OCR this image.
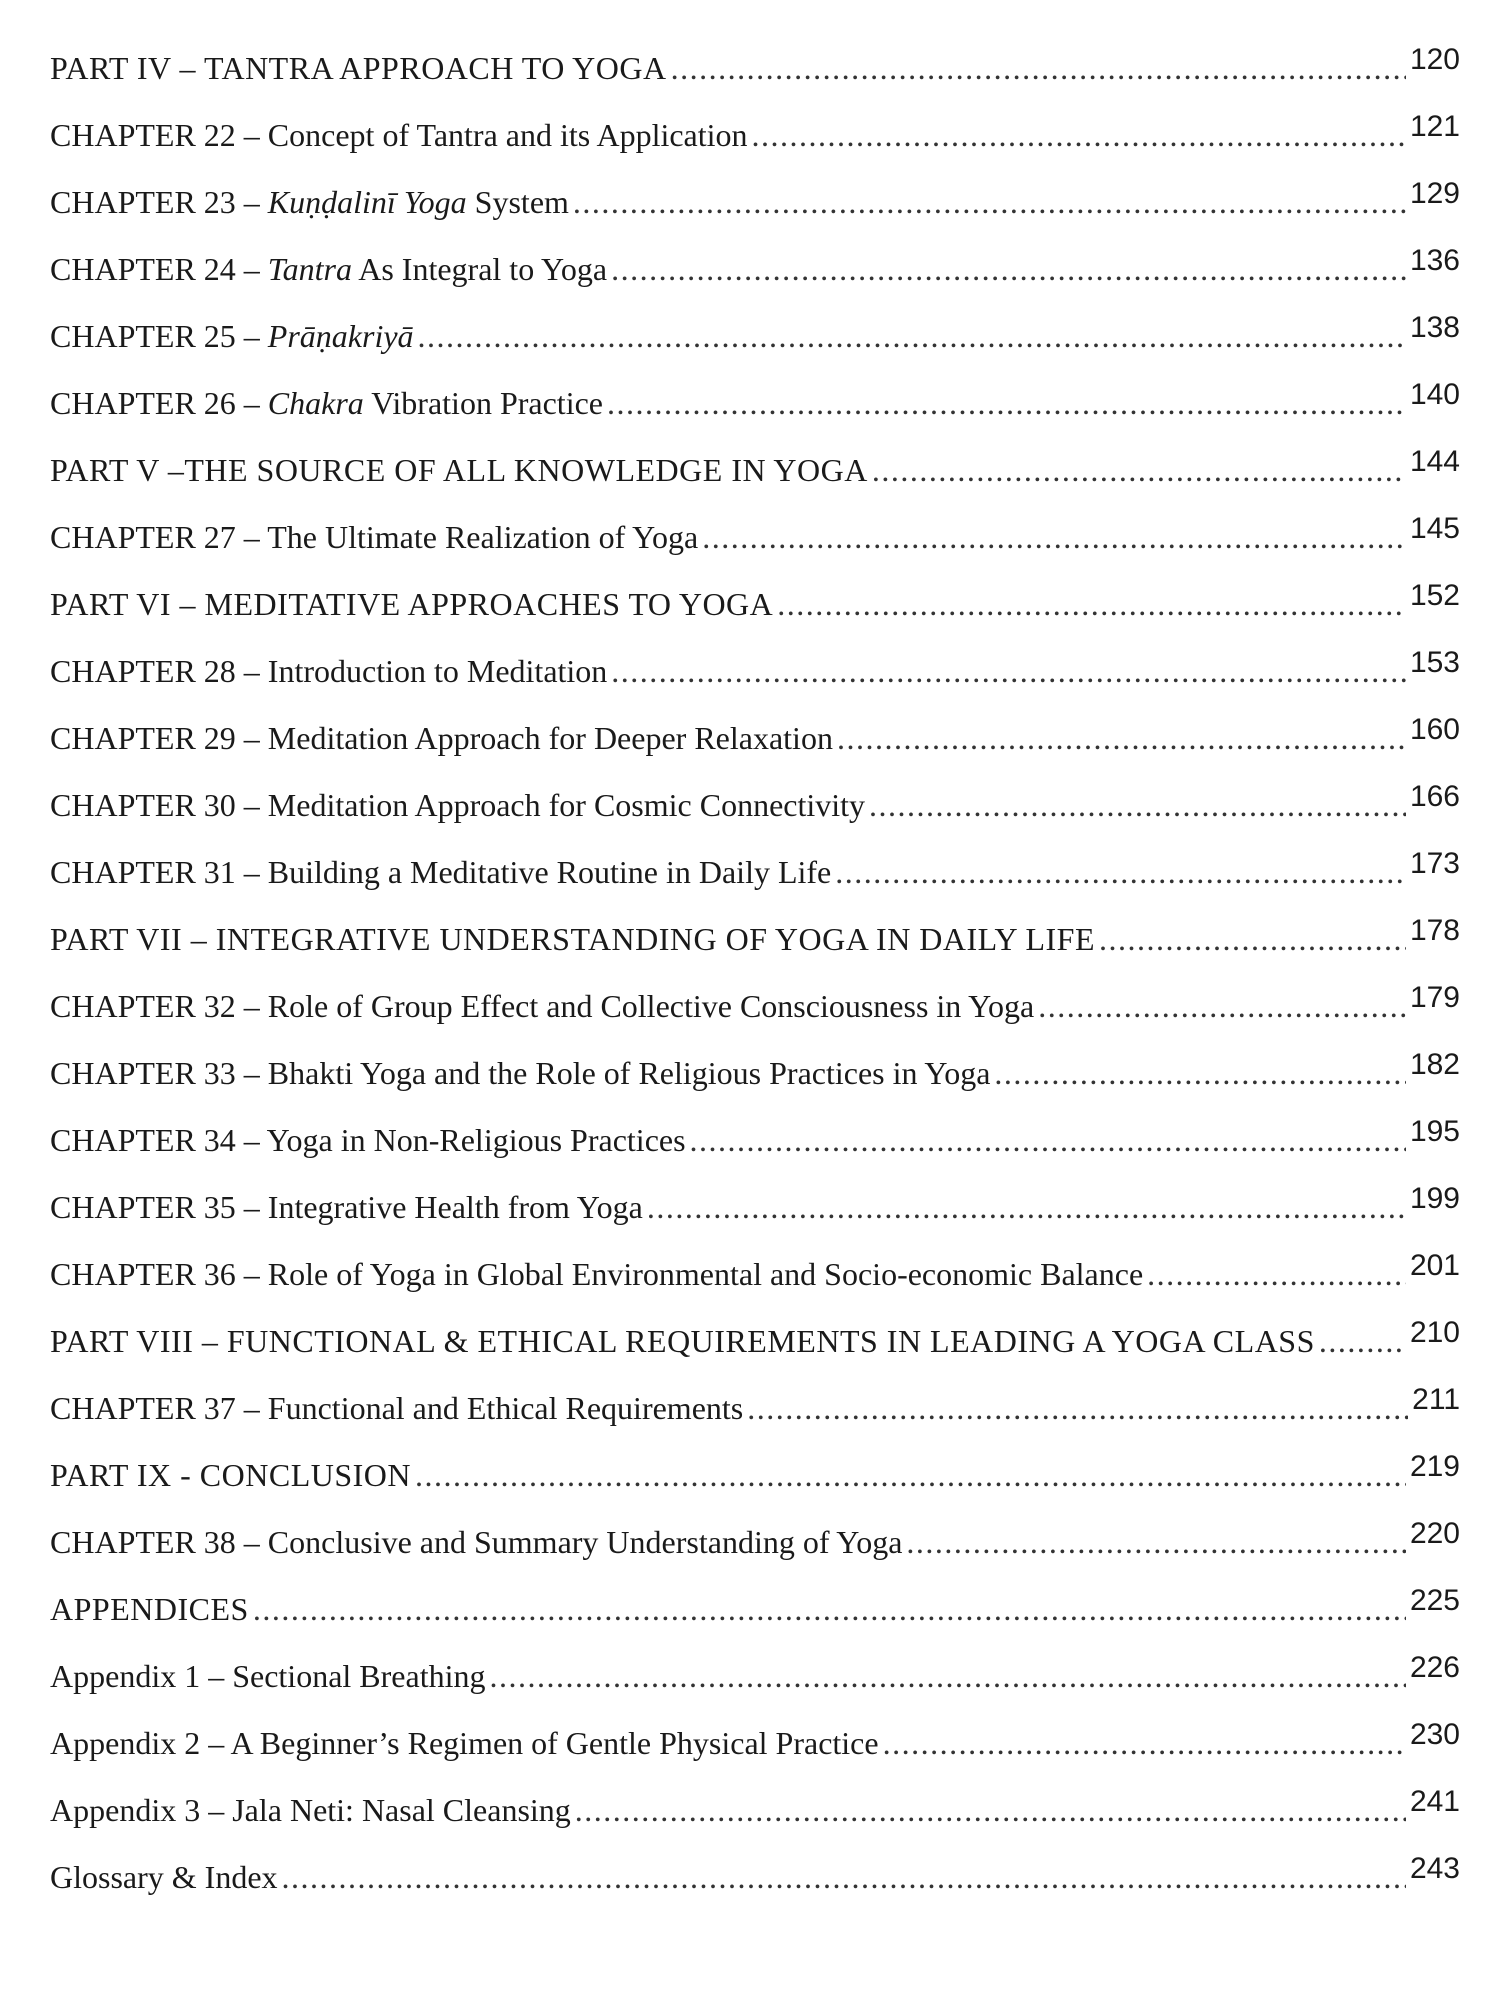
PART IV – TANTRA APPROACH TO YOGA .....	120
CHAPTER 22 – Concept of Tantra and its Application .....	121
CHAPTER 23 – Kuṇḍalinī Yoga System .....	129
CHAPTER 24 – Tantra As Integral to Yoga .....	136
CHAPTER 25 – Prāṇakriyā .....	138
CHAPTER 26 – Chakra Vibration Practice .....	140
PART V –THE SOURCE OF ALL KNOWLEDGE IN YOGA .....	144
CHAPTER 27 – The Ultimate Realization of Yoga .....	145
PART VI – MEDITATIVE APPROACHES TO YOGA .....	152
CHAPTER 28 – Introduction to Meditation .....	153
CHAPTER 29 – Meditation Approach for Deeper Relaxation .....	160
CHAPTER 30 – Meditation Approach for Cosmic Connectivity .....	166
CHAPTER 31 – Building a Meditative Routine in Daily Life .....	173
PART VII – INTEGRATIVE UNDERSTANDING OF YOGA IN DAILY LIFE .....	178
CHAPTER 32 – Role of Group Effect and Collective Consciousness in Yoga .....	179
CHAPTER 33 – Bhakti Yoga and the Role of Religious Practices in Yoga .....	182
CHAPTER 34 – Yoga in Non-Religious Practices .....	195
CHAPTER 35 – Integrative Health from Yoga .....	199
CHAPTER 36 – Role of Yoga in Global Environmental and Socio-economic Balance .....	201
PART VIII – FUNCTIONAL & ETHICAL REQUIREMENTS IN LEADING A YOGA CLASS .....	210
CHAPTER 37 – Functional and Ethical Requirements .....	211
PART IX - CONCLUSION .....	219
CHAPTER 38 – Conclusive and Summary Understanding of Yoga .....	220
APPENDICES .....	225
Appendix 1 – Sectional Breathing .....	226
Appendix 2 – A Beginner’s Regimen of Gentle Physical Practice .....	230
Appendix 3 – Jala Neti: Nasal Cleansing .....	241
Glossary & Index .....	243
